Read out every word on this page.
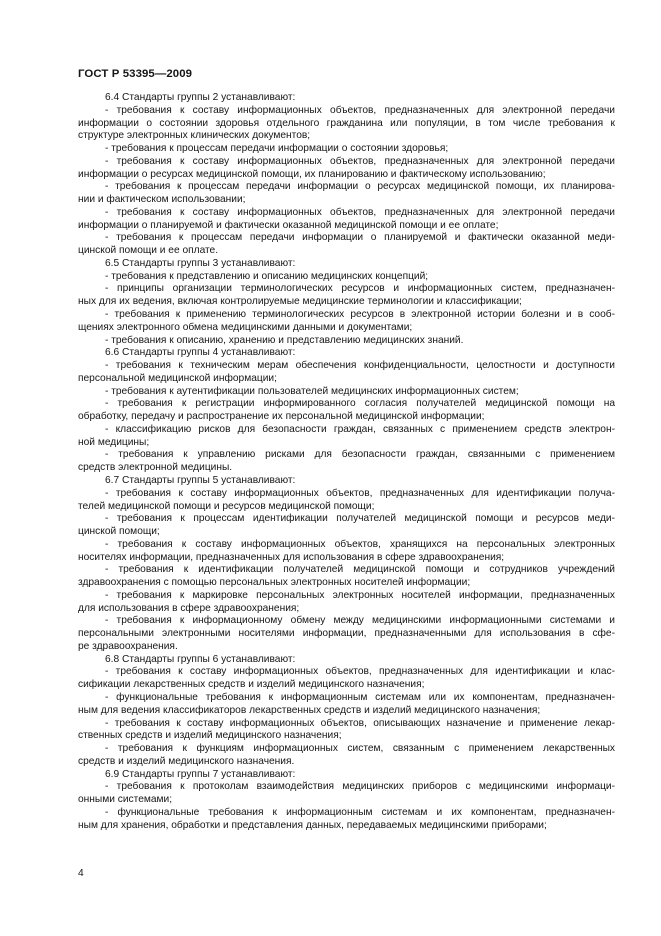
ГОСТ Р 53395—2009
6.4 Стандарты группы 2 устанавливают:
- требования к составу информационных объектов, предназначенных для электронной передачи
информации о состоянии здоровья отдельного гражданина или популяции, в том числе требования к
структуре электронных клинических документов;
- требования к процессам передачи информации о состоянии здоровья;
- требования к составу информационных объектов, предназначенных для электронной передачи
информации о ресурсах медицинской помощи, их планированию и фактическому использованию;
- требования к процессам передачи информации о ресурсах медицинской помощи, их планирова-
нии и фактическом использовании;
- требования к составу информационных объектов, предназначенных для электронной передачи
информации о планируемой и фактически оказанной медицинской помощи и ее оплате;
- требования к процессам передачи информации о планируемой и фактически оказанной меди-
цинской помощи и ее оплате.
6.5 Стандарты группы 3 устанавливают:
- требования к представлению и описанию медицинских концепций;
- принципы организации терминологических ресурсов и информационных систем, предназначен-
ных для их ведения, включая контролируемые медицинские терминологии и классификации;
- требования к применению терминологических ресурсов в электронной истории болезни и в сооб-
щениях электронного обмена медицинскими данными и документами;
- требования к описанию, хранению и представлению медицинских знаний.
6.6 Стандарты группы 4 устанавливают:
- требования к техническим мерам обеспечения конфиденциальности, целостности и доступности
персональной медицинской информации;
- требования к аутентификации пользователей медицинских информационных систем;
- требования к регистрации информированного согласия получателей медицинской помощи на
обработку, передачу и распространение их персональной медицинской информации;
- классификацию рисков для безопасности граждан, связанных с применением средств электрон-
ной медицины;
- требования к управлению рисками для безопасности граждан, связанными с применением
средств электронной медицины.
6.7 Стандарты группы 5 устанавливают:
- требования к составу информационных объектов, предназначенных для идентификации получа-
телей медицинской помощи и ресурсов медицинской помощи;
- требования к процессам идентификации получателей медицинской помощи и ресурсов меди-
цинской помощи;
- требования к составу информационных объектов, хранящихся на персональных электронных
носителях информации, предназначенных для использования в сфере здравоохранения;
- требования к идентификации получателей медицинской помощи и сотрудников учреждений
здравоохранения с помощью персональных электронных носителей информации;
- требования к маркировке персональных электронных носителей информации, предназначенных
для использования в сфере здравоохранения;
- требования к информационному обмену между медицинскими информационными системами и
персональными электронными носителями информации, предназначенными для использования в сфе-
ре здравоохранения.
6.8 Стандарты группы 6 устанавливают:
- требования к составу информационных объектов, предназначенных для идентификации и клас-
сификации лекарственных средств и изделий медицинского назначения;
- функциональные требования к информационным системам или их компонентам, предназначен-
ным для ведения классификаторов лекарственных средств и изделий медицинского назначения;
- требования к составу информационных объектов, описывающих назначение и применение лекар-
ственных средств и изделий медицинского назначения;
- требования к функциям информационных систем, связанным с применением лекарственных
средств и изделий медицинского назначения.
6.9 Стандарты группы 7 устанавливают:
- требования к протоколам взаимодействия медицинских приборов с медицинскими информаци-
онными системами;
- функциональные требования к информационным системам и их компонентам, предназначен-
ным для хранения, обработки и представления данных, передаваемых медицинскими приборами;
4
